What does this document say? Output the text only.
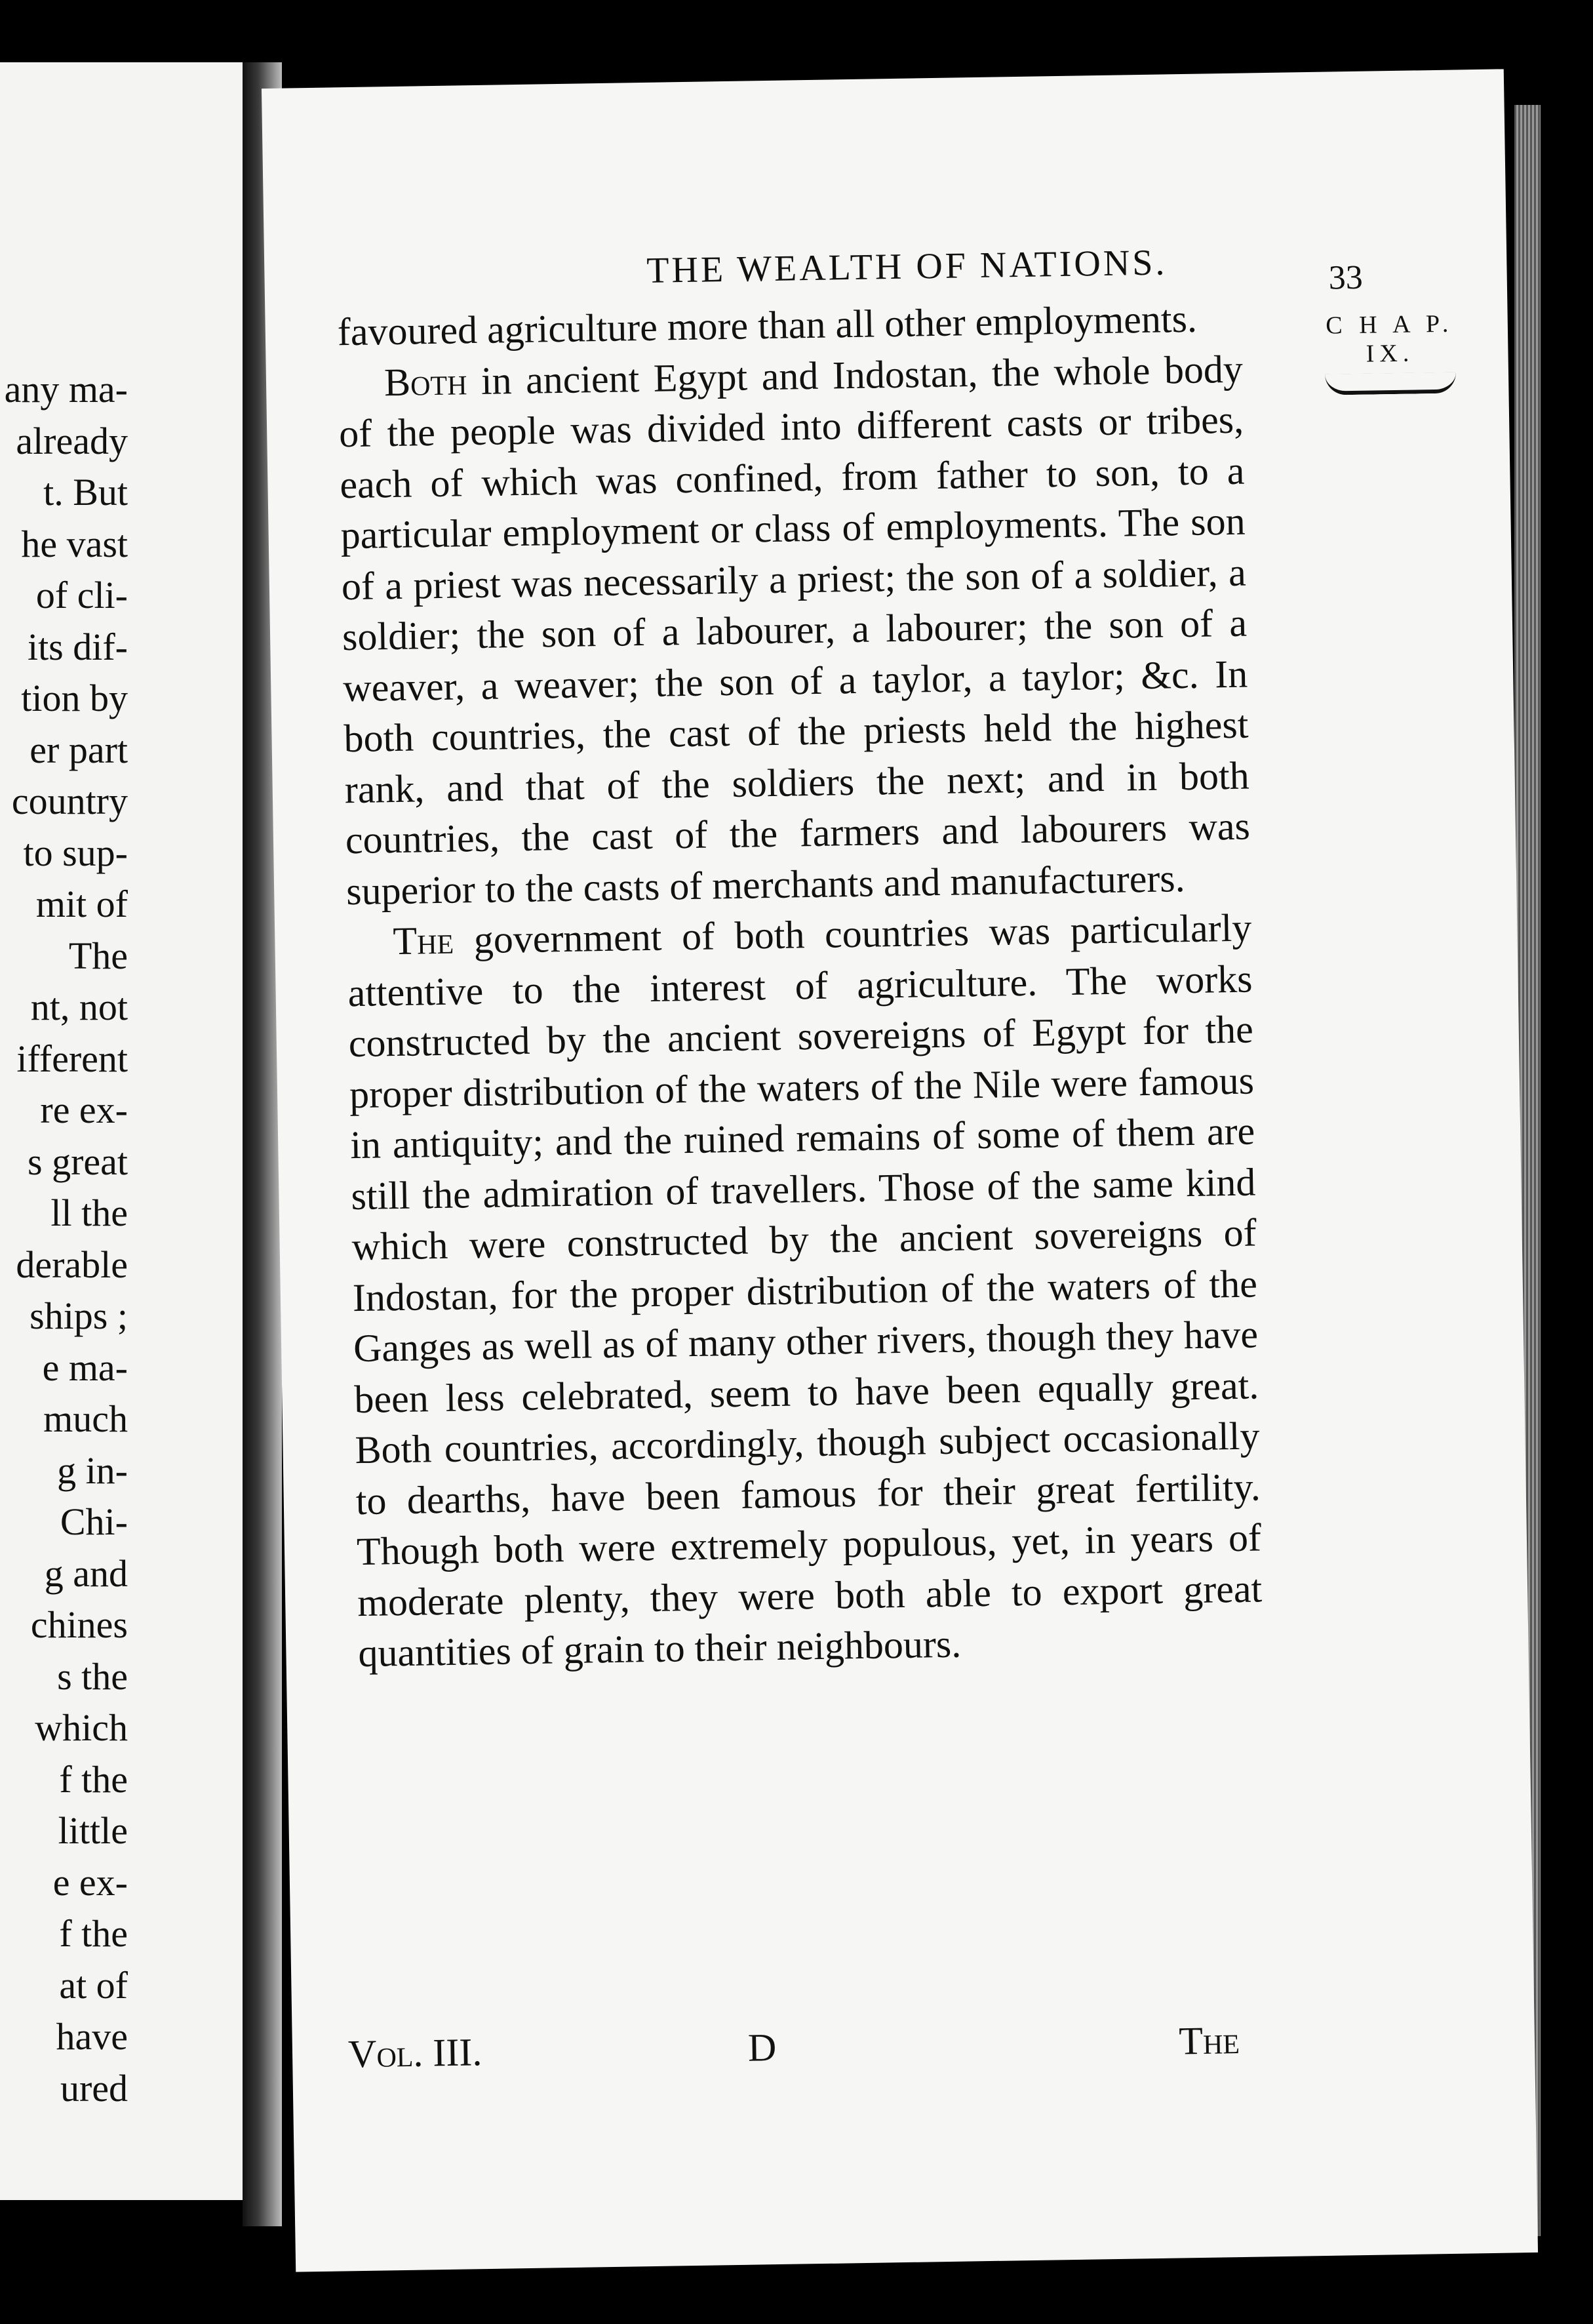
any ma-
already
t. But
he vast
of cli-
its dif-
tion by
er part
country
to sup-
mit of
The
nt, not
ifferent
re ex-
s great
ll the
derable
ships ;
e ma-
much
g in-
Chi-
g and
chines
s the
which
f the
little
e ex-
f the
at of
have
ured
THE WEALTH OF NATIONS.	33
C H A P.
IX.

favoured agriculture more than all other employments.

Both in ancient Egypt and Indostan, the whole body of the people was divided into different casts or tribes, each of which was confined, from father to son, to a particular employment or class of employments. The son of a priest was necessarily a priest; the son of a soldier, a soldier; the son of a labourer, a labourer; the son of a weaver, a weaver; the son of a taylor, a taylor; &c. In both countries, the cast of the priests held the highest rank, and that of the soldiers the next; and in both countries, the cast of the farmers and labourers was superior to the casts of merchants and manufacturers.

The government of both countries was particularly attentive to the interest of agriculture. The works constructed by the ancient sovereigns of Egypt for the proper distribution of the waters of the Nile were famous in antiquity; and the ruined remains of some of them are still the admiration of travellers. Those of the same kind which were constructed by the ancient sovereigns of Indostan, for the proper distribution of the waters of the Ganges as well as of many other rivers, though they have been less celebrated, seem to have been equally great. Both countries, accordingly, though subject occasionally to dearths, have been famous for their great fertility. Though both were extremely populous, yet, in years of moderate plenty, they were both able to export great quantities of grain to their neighbours.

Vol. III.	D	The
